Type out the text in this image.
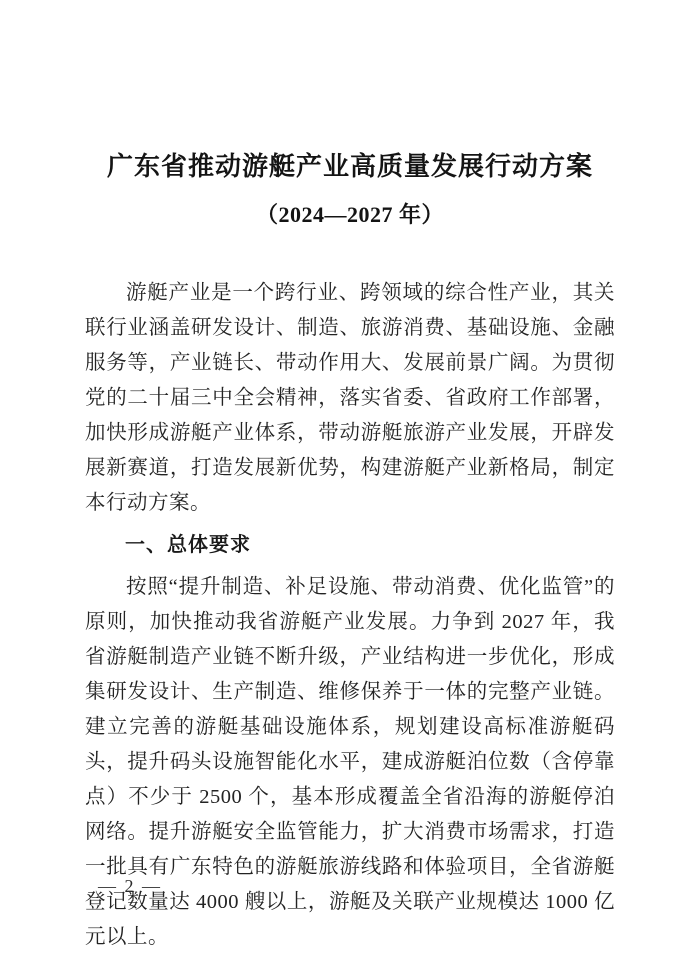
广东省推动游艇产业高质量发展行动方案
（2024—2027 年）

游艇产业是一个跨行业、跨领域的综合性产业，其关联行业涵盖研发设计、制造、旅游消费、基础设施、金融服务等，产业链长、带动作用大、发展前景广阔。为贯彻党的二十届三中全会精神，落实省委、省政府工作部署，加快形成游艇产业体系，带动游艇旅游产业发展，开辟发展新赛道，打造发展新优势，构建游艇产业新格局，制定本行动方案。

一、总体要求

按照“提升制造、补足设施、带动消费、优化监管”的原则，加快推动我省游艇产业发展。力争到 2027 年，我省游艇制造产业链不断升级，产业结构进一步优化，形成集研发设计、生产制造、维修保养于一体的完整产业链。建立完善的游艇基础设施体系，规划建设高标准游艇码头，提升码头设施智能化水平，建成游艇泊位数（含停靠点）不少于 2500 个，基本形成覆盖全省沿海的游艇停泊网络。提升游艇安全监管能力，扩大消费市场需求，打造一批具有广东特色的游艇旅游线路和体验项目，全省游艇登记数量达 4000 艘以上，游艇及关联产业规模达 1000 亿元以上。

— 2 —
